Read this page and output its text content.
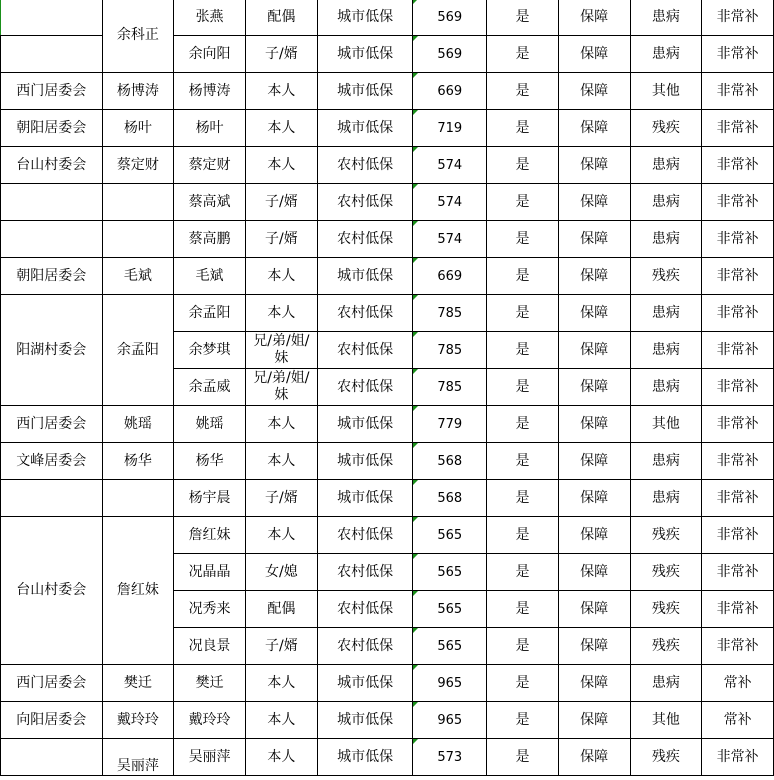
	余科正	张燕	配偶	城市低保	569	是	保障	患病	非常补
		余向阳	子/婿	城市低保	569	是	保障	患病	非常补
西门居委会	杨博涛	杨博涛	本人	城市低保	669	是	保障	其他	非常补
朝阳居委会	杨叶	杨叶	本人	城市低保	719	是	保障	残疾	非常补
台山村委会	蔡定财	蔡定财	本人	农村低保	574	是	保障	患病	非常补
		蔡高斌	子/婿	农村低保	574	是	保障	患病	非常补
		蔡高鹏	子/婿	农村低保	574	是	保障	患病	非常补
朝阳居委会	毛斌	毛斌	本人	城市低保	669	是	保障	残疾	非常补
阳湖村委会	余孟阳	余孟阳	本人	农村低保	785	是	保障	患病	非常补
		余梦琪	兄/弟/姐/妹	农村低保	785	是	保障	患病	非常补
		余孟威	兄/弟/姐/妹	农村低保	785	是	保障	患病	非常补
西门居委会	姚瑶	姚瑶	本人	城市低保	779	是	保障	其他	非常补
文峰居委会	杨华	杨华	本人	城市低保	568	是	保障	患病	非常补
		杨宇晨	子/婿	城市低保	568	是	保障	患病	非常补
台山村委会	詹红妹	詹红妹	本人	农村低保	565	是	保障	残疾	非常补
		况晶晶	女/媳	农村低保	565	是	保障	残疾	非常补
		况秀来	配偶	农村低保	565	是	保障	残疾	非常补
		况良景	子/婿	农村低保	565	是	保障	残疾	非常补
西门居委会	樊迁	樊迁	本人	城市低保	965	是	保障	患病	常补
向阳居委会	戴玲玲	戴玲玲	本人	城市低保	965	是	保障	其他	常补
	吴丽萍	吴丽萍	本人	城市低保	573	是	保障	残疾	非常补
